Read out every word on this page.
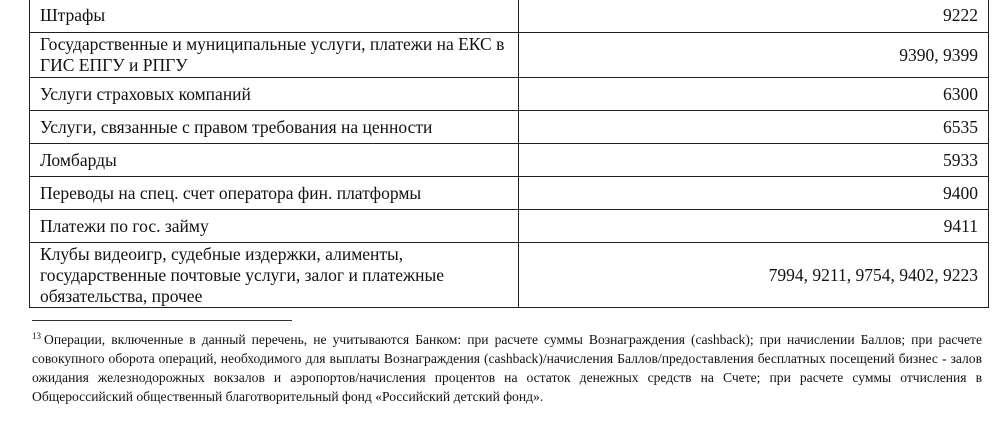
Штрафы	9222
Государственные и муниципальные услуги, платежи на ЕКС в ГИС ЕПГУ и РПГУ	9390, 9399
Услуги страховых компаний	6300
Услуги, связанные с правом требования на ценности	6535
Ломбарды	5933
Переводы на спец. счет оператора фин. платформы	9400
Платежи по гос. займу	9411
Клубы видеоигр, судебные издержки, алименты, государственные почтовые услуги, залог и платежные обязательства, прочее	7994, 9211, 9754, 9402, 9223

$^{13}$ Операции, включенные в данный перечень, не учитываются Банком: при расчете суммы Вознаграждения (cashback); при начислении Баллов; при расчете совокупного оборота операций, необходимого для выплаты Вознаграждения (cashback)/начисления Баллов/предоставления бесплатных посещений бизнес - залов ожидания железнодорожных вокзалов и аэропортов/начисления процентов на остаток денежных средств на Счете; при расчете суммы отчисления в Общероссийский общественный благотворительный фонд «Российский детский фонд».
